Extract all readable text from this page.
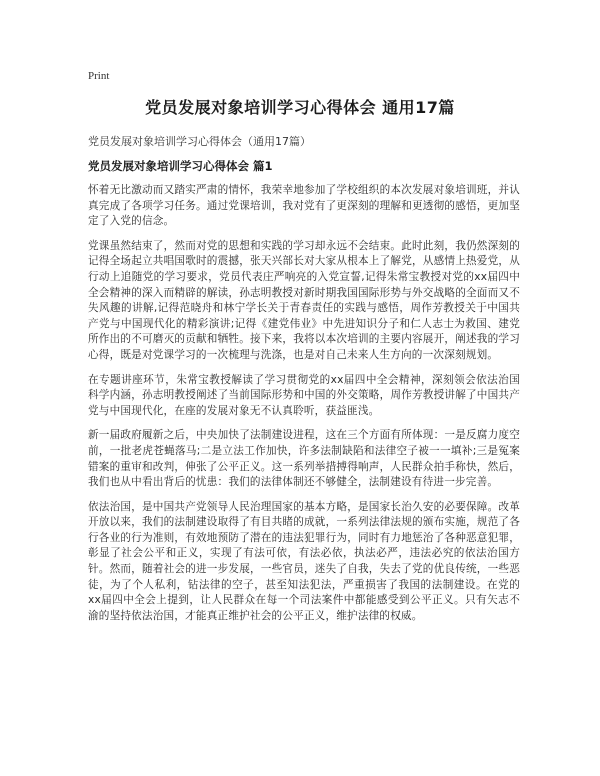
Print
党员发展对象培训学习心得体会 通用17篇
党员发展对象培训学习心得体会（通用17篇）
党员发展对象培训学习心得体会 篇1

怀着无比激动而又踏实严肃的情怀，我荣幸地参加了学校组织的本次发展对象培训班，并认真完成了各项学习任务。通过党课培训，我对党有了更深刻的理解和更透彻的感悟，更加坚定了入党的信念。

党课虽然结束了，然而对党的思想和实践的学习却永远不会结束。此时此刻，我仍然深刻的记得全场起立共唱国歌时的震撼，张天兴部长对大家从根本上了解党，从感情上热爱党，从行动上追随党的学习要求，党员代表庄严响亮的入党宣誓,记得朱常宝教授对党的xx届四中全会精神的深入而精辟的解读，孙志明教授对新时期我国国际形势与外交战略的全面而又不失风趣的讲解,记得范晓舟和林宁学长关于青春责任的实践与感悟，周作芳教授关于中国共产党与中国现代化的精彩演讲;记得《建党伟业》中先进知识分子和仁人志士为救国、建党所作出的不可磨灭的贡献和牺牲。接下来，我将以本次培训的主要内容展开，阐述我的学习心得，既是对党课学习的一次梳理与洗涤，也是对自己未来人生方向的一次深刻规划。

在专题讲座环节，朱常宝教授解读了学习贯彻党的xx届四中全会精神，深刻领会依法治国科学内涵，孙志明教授阐述了当前国际形势和中国的外交策略，周作芳教授讲解了中国共产党与中国现代化，在座的发展对象无不认真聆听，获益匪浅。

新一届政府履新之后，中央加快了法制建设进程，这在三个方面有所体现：一是反腐力度空前，一批老虎苍蝇落马;二是立法工作加快，许多法制缺陷和法律空子被一一填补;三是冤案错案的重审和改判，伸张了公平正义。这一系列举措搏得响声，人民群众拍手称快，然后，我们也从中看出背后的忧患：我们的法律体制还不够健全，法制建设有待进一步完善。

依法治国，是中国共产党领导人民治理国家的基本方略，是国家长治久安的必要保障。改革开放以来，我们的法制建设取得了有目共睹的成就，一系列法律法规的颁布实施，规范了各行各业的行为准则，有效地预防了潜在的违法犯罪行为，同时有力地惩治了各种恶意犯罪，彰显了社会公平和正义，实现了有法可依，有法必依，执法必严，违法必究的依法治国方针。然而，随着社会的进一步发展，一些官员，迷失了自我，失去了党的优良传统，一些恶徒，为了个人私利，钻法律的空子，甚至知法犯法，严重损害了我国的法制建设。在党的xx届四中全会上提到，让人民群众在每一个司法案件中都能感受到公平正义。只有矢志不渝的坚持依法治国，才能真正维护社会的公平正义，维护法律的权威。
